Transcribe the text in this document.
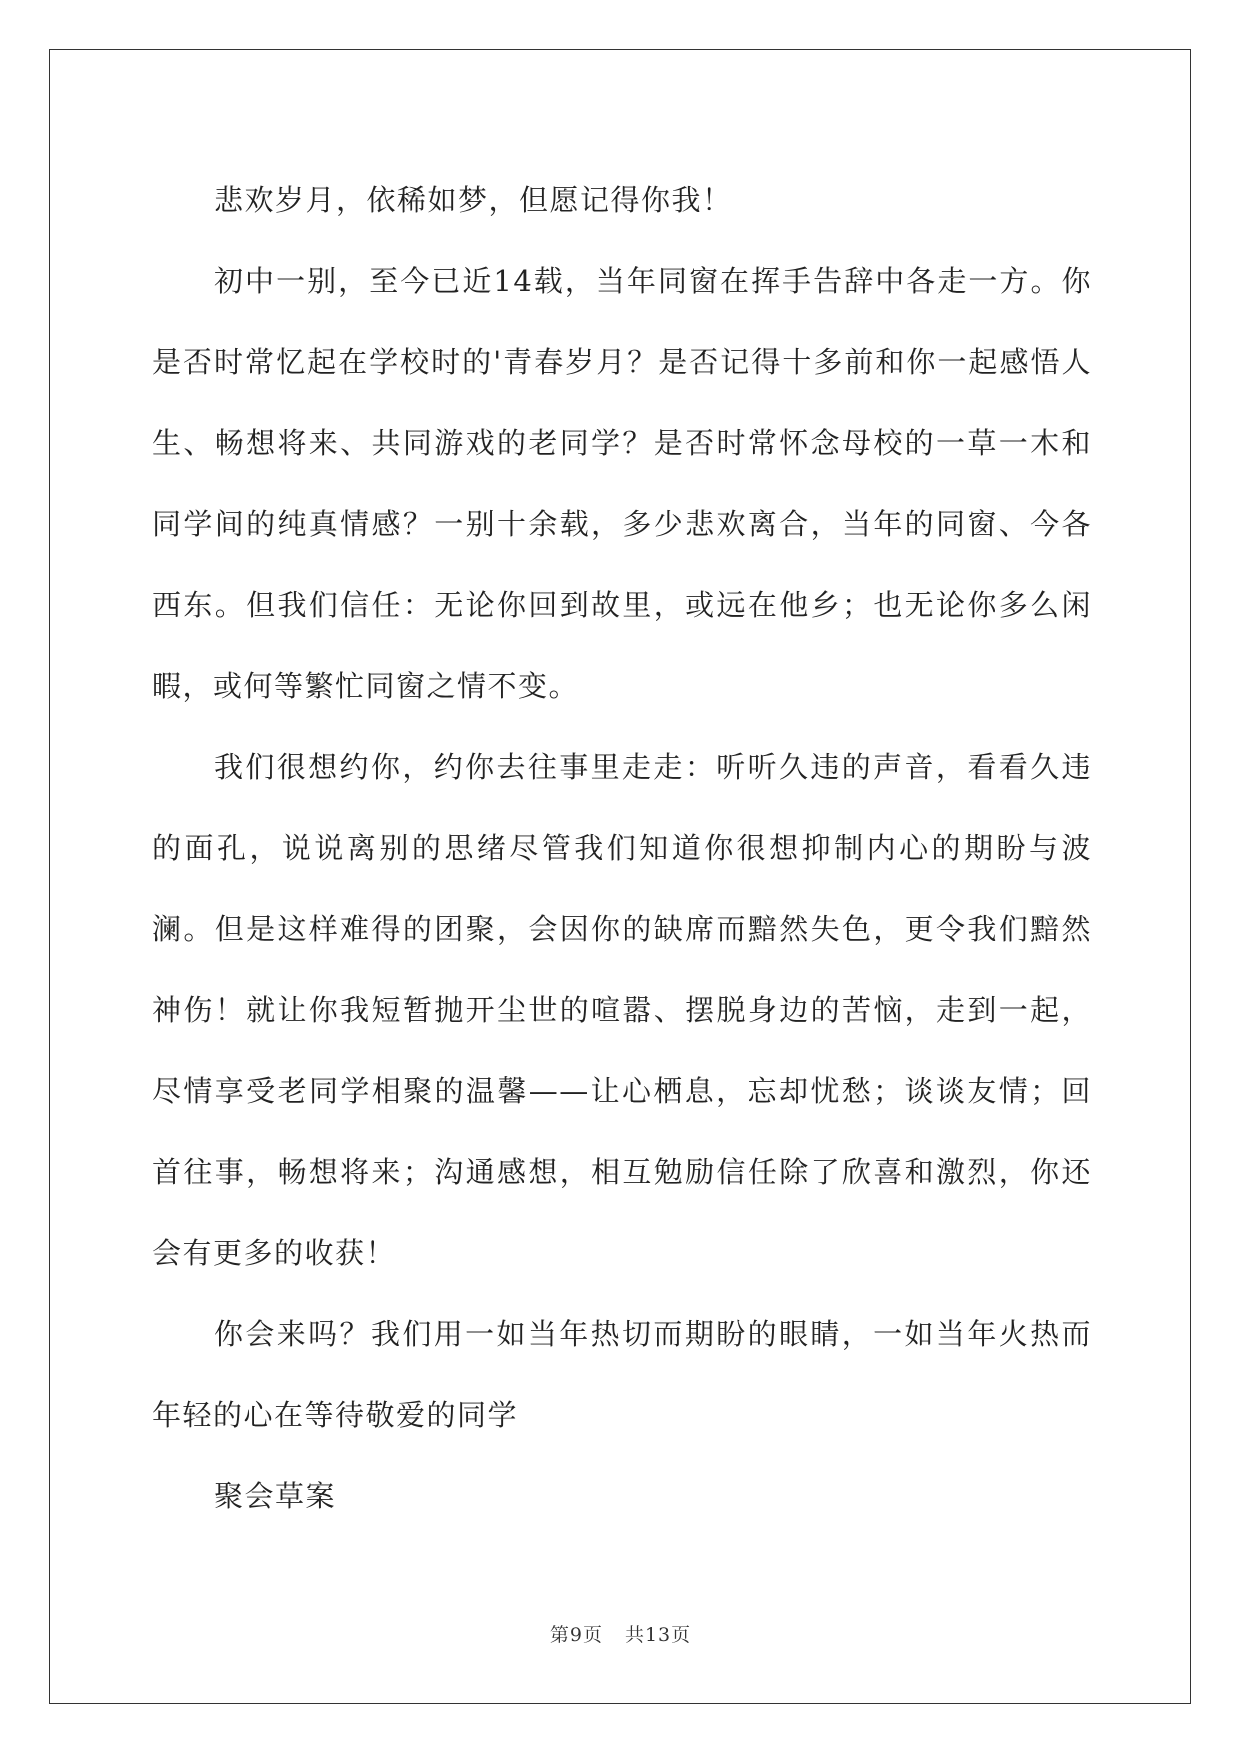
悲欢岁月，依稀如梦，但愿记得你我！

初中一别，至今已近14载，当年同窗在挥手告辞中各走一方。你是否时常忆起在学校时的'青春岁月？是否记得十多前和你一起感悟人生、畅想将来、共同游戏的老同学？是否时常怀念母校的一草一木和同学间的纯真情感？一别十余载，多少悲欢离合，当年的同窗、今各西东。但我们信任：无论你回到故里，或远在他乡；也无论你多么闲暇，或何等繁忙同窗之情不变。

我们很想约你，约你去往事里走走：听听久违的声音，看看久违的面孔，说说离别的思绪尽管我们知道你很想抑制内心的期盼与波澜。但是这样难得的团聚，会因你的缺席而黯然失色，更令我们黯然神伤！就让你我短暂抛开尘世的喧嚣、摆脱身边的苦恼，走到一起，尽情享受老同学相聚的温馨——让心栖息，忘却忧愁；谈谈友情；回首往事，畅想将来；沟通感想，相互勉励信任除了欣喜和激烈，你还会有更多的收获！

你会来吗？我们用一如当年热切而期盼的眼睛，一如当年火热而年轻的心在等待敬爱的同学

聚会草案

第9页 共13页
